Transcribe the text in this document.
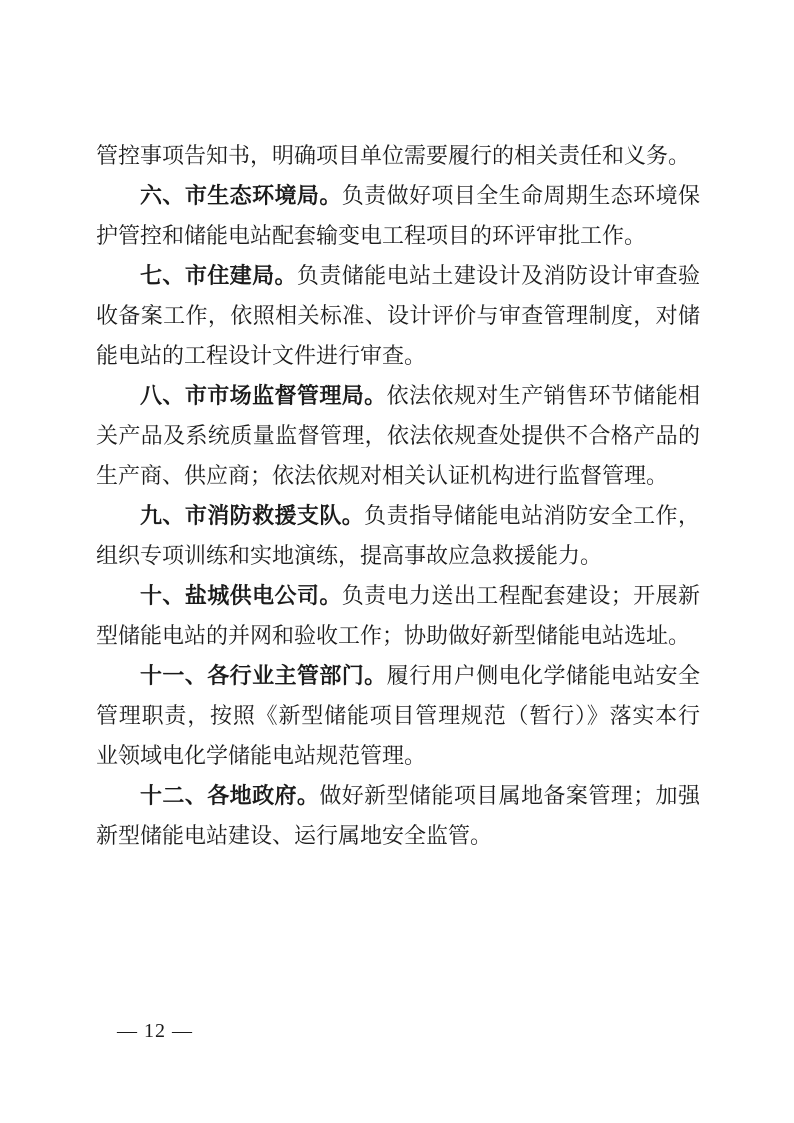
管控事项告知书，明确项目单位需要履行的相关责任和义务。

六、市生态环境局。负责做好项目全生命周期生态环境保护管控和储能电站配套输变电工程项目的环评审批工作。

七、市住建局。负责储能电站土建设计及消防设计审查验收备案工作，依照相关标准、设计评价与审查管理制度，对储能电站的工程设计文件进行审查。

八、市市场监督管理局。依法依规对生产销售环节储能相关产品及系统质量监督管理，依法依规查处提供不合格产品的生产商、供应商；依法依规对相关认证机构进行监督管理。

九、市消防救援支队。负责指导储能电站消防安全工作，组织专项训练和实地演练，提高事故应急救援能力。

十、盐城供电公司。负责电力送出工程配套建设；开展新型储能电站的并网和验收工作；协助做好新型储能电站选址。

十一、各行业主管部门。履行用户侧电化学储能电站安全管理职责，按照《新型储能项目管理规范（暂行）》落实本行业领域电化学储能电站规范管理。

十二、各地政府。做好新型储能项目属地备案管理；加强新型储能电站建设、运行属地安全监管。

— 12 —
